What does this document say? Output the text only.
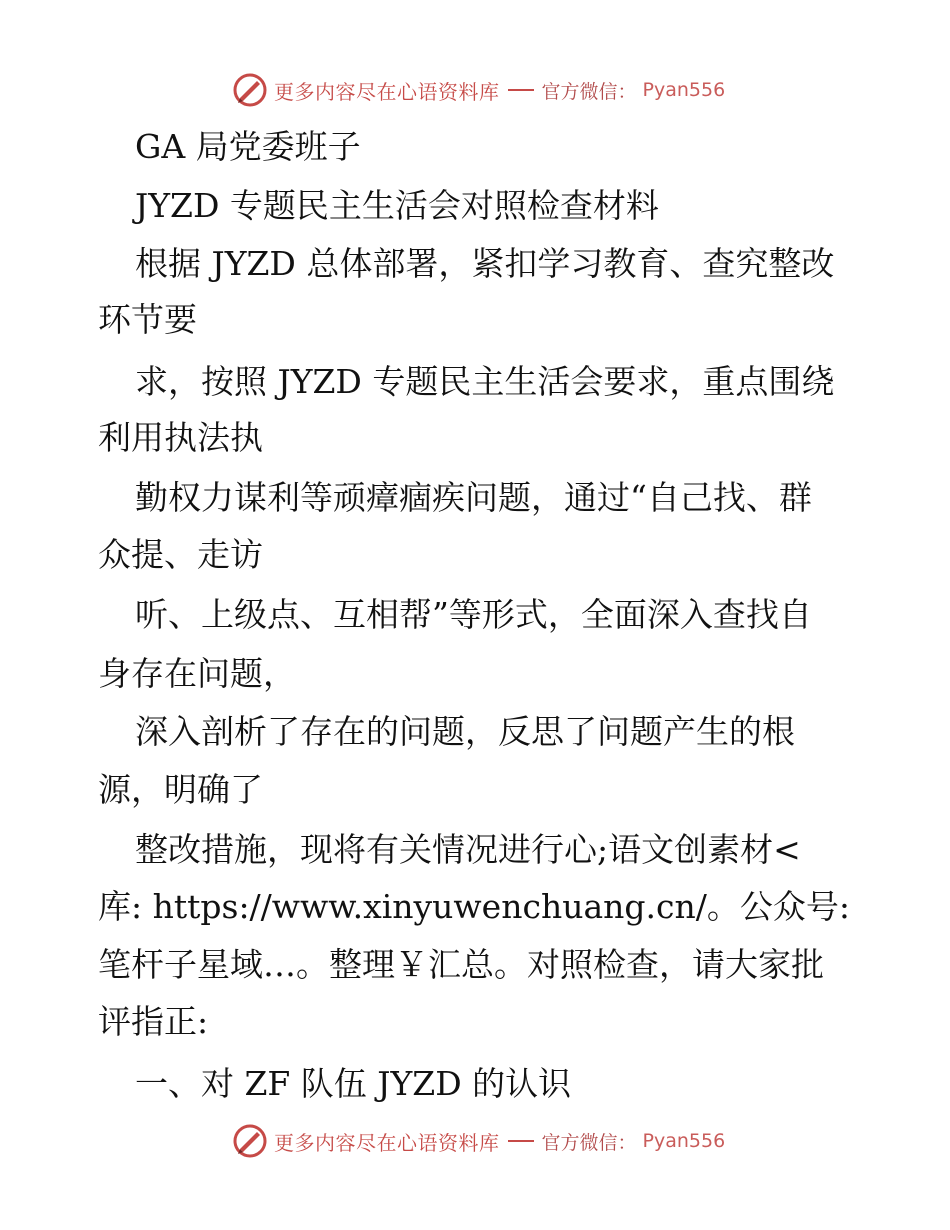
更多内容尽在心语资料库 官方微信： Pyan556
GA 局党委班子
JYZD 专题民主生活会对照检查材料
根据 JYZD 总体部署，紧扣学习教育、查究整改
环节要
求，按照 JYZD 专题民主生活会要求，重点围绕
利用执法执
勤权力谋利等顽瘴痼疾问题，通过“自己找、群
众提、走访
听、上级点、互相帮”等形式，全面深入查找自
身存在问题，
深入剖析了存在的问题，反思了问题产生的根
源，明确了
整改措施，现将有关情况进行心;语文创素材<
库: https://www.xinyuwenchuang.cn/。公众号:
笔杆子星域…。整理￥汇总。对照检查，请大家批
评指正:
一、对 ZF 队伍 JYZD 的认识
更多内容尽在心语资料库 官方微信： Pyan556
